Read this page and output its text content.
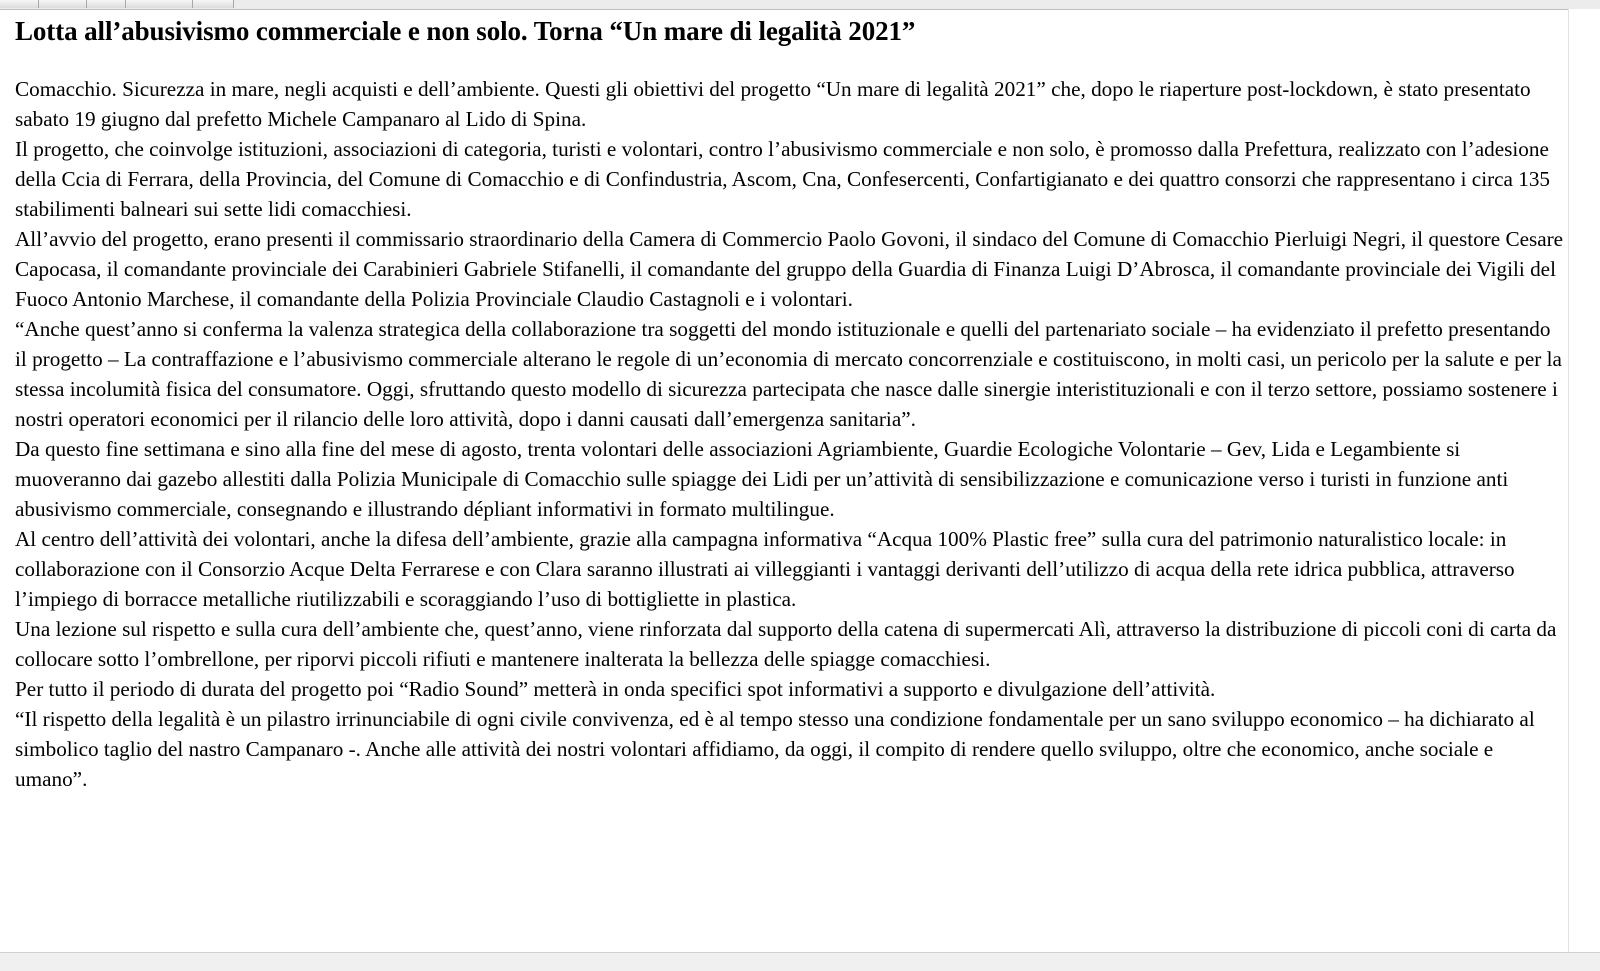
Lotta all’abusivismo commerciale e non solo. Torna “Un mare di legalità 2021”

Comacchio. Sicurezza in mare, negli acquisti e dell’ambiente. Questi gli obiettivi del progetto “Un mare di legalità 2021” che, dopo le riaperture post-lockdown, è stato presentato sabato 19 giugno dal prefetto Michele Campanaro al Lido di Spina.

Il progetto, che coinvolge istituzioni, associazioni di categoria, turisti e volontari, contro l’abusivismo commerciale e non solo, è promosso dalla Prefettura, realizzato con l’adesione della Ccia di Ferrara, della Provincia, del Comune di Comacchio e di Confindustria, Ascom, Cna, Confesercenti, Confartigianato e dei quattro consorzi che rappresentano i circa 135 stabilimenti balneari sui sette lidi comacchiesi.

All’avvio del progetto, erano presenti il commissario straordinario della Camera di Commercio Paolo Govoni, il sindaco del Comune di Comacchio Pierluigi Negri, il questore Cesare Capocasa, il comandante provinciale dei Carabinieri Gabriele Stifanelli, il comandante del gruppo della Guardia di Finanza Luigi D’Abrosca, il comandante provinciale dei Vigili del Fuoco Antonio Marchese, il comandante della Polizia Provinciale Claudio Castagnoli e i volontari.

“Anche quest’anno si conferma la valenza strategica della collaborazione tra soggetti del mondo istituzionale e quelli del partenariato sociale – ha evidenziato il prefetto presentando il progetto – La contraffazione e l’abusivismo commerciale alterano le regole di un’economia di mercato concorrenziale e costituiscono, in molti casi, un pericolo per la salute e per la stessa incolumità fisica del consumatore. Oggi, sfruttando questo modello di sicurezza partecipata che nasce dalle sinergie interistituzionali e con il terzo settore, possiamo sostenere i nostri operatori economici per il rilancio delle loro attività, dopo i danni causati dall’emergenza sanitaria”.

Da questo fine settimana e sino alla fine del mese di agosto, trenta volontari delle associazioni Agriambiente, Guardie Ecologiche Volontarie – Gev, Lida e Legambiente si muoveranno dai gazebo allestiti dalla Polizia Municipale di Comacchio sulle spiagge dei Lidi per un’attività di sensibilizzazione e comunicazione verso i turisti in funzione anti abusivismo commerciale, consegnando e illustrando dépliant informativi in formato multilingue.

Al centro dell’attività dei volontari, anche la difesa dell’ambiente, grazie alla campagna informativa “Acqua 100% Plastic free” sulla cura del patrimonio naturalistico locale: in collaborazione con il Consorzio Acque Delta Ferrarese e con Clara saranno illustrati ai villeggianti i vantaggi derivanti dell’utilizzo di acqua della rete idrica pubblica, attraverso l’impiego di borracce metalliche riutilizzabili e scoraggiando l’uso di bottigliette in plastica.

Una lezione sul rispetto e sulla cura dell’ambiente che, quest’anno, viene rinforzata dal supporto della catena di supermercati Alì, attraverso la distribuzione di piccoli coni di carta da collocare sotto l’ombrellone, per riporvi piccoli rifiuti e mantenere inalterata la bellezza delle spiagge comacchiesi.

Per tutto il periodo di durata del progetto poi “Radio Sound” metterà in onda specifici spot informativi a supporto e divulgazione dell’attività.

“Il rispetto della legalità è un pilastro irrinunciabile di ogni civile convivenza, ed è al tempo stesso una condizione fondamentale per un sano sviluppo economico – ha dichiarato al simbolico taglio del nastro Campanaro -. Anche alle attività dei nostri volontari affidiamo, da oggi, il compito di rendere quello sviluppo, oltre che economico, anche sociale e umano”.
